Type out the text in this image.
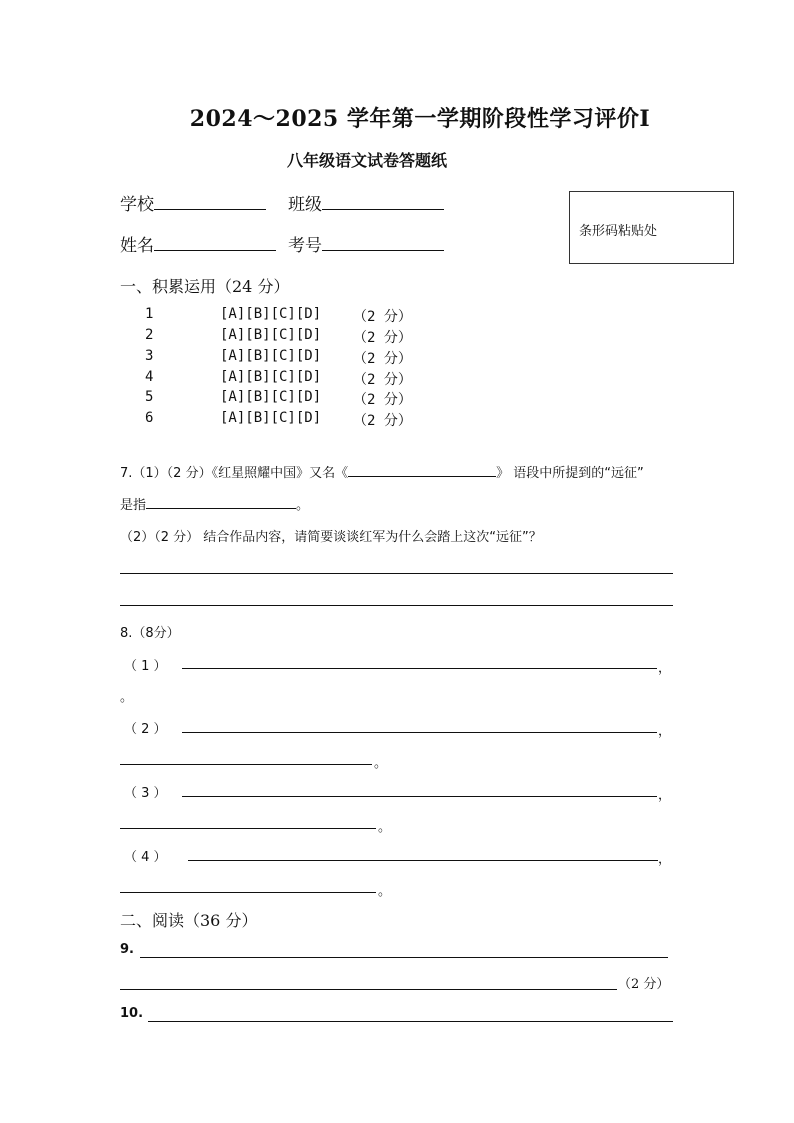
2024～2025 学年第一学期阶段性学习评价Ⅰ
八年级语文试卷答题纸
学校	班级
姓名	考号
条形码粘贴处
一、积累运用（24 分）
1	[A][B][C][D] （2 分）
2	[A][B][C][D] （2 分）
3	[A][B][C][D] （2 分）
4	[A][B][C][D] （2 分）
5	[A][B][C][D] （2 分）
6	[A][B][C][D] （2 分）
7.（1）（2 分）《红星照耀中国》又名《	》 语段中所提到的“远征”
是指	。
（2）（2 分） 结合作品内容，请简要谈谈红军为什么会踏上这次“远征”？
8.（8分）
（ 1 ）	，
。
（ 2 ）	，
。
（ 3 ）	，
。
（ 4 ）	，
。
二、阅读（36 分）
9.
（2 分）
10.
